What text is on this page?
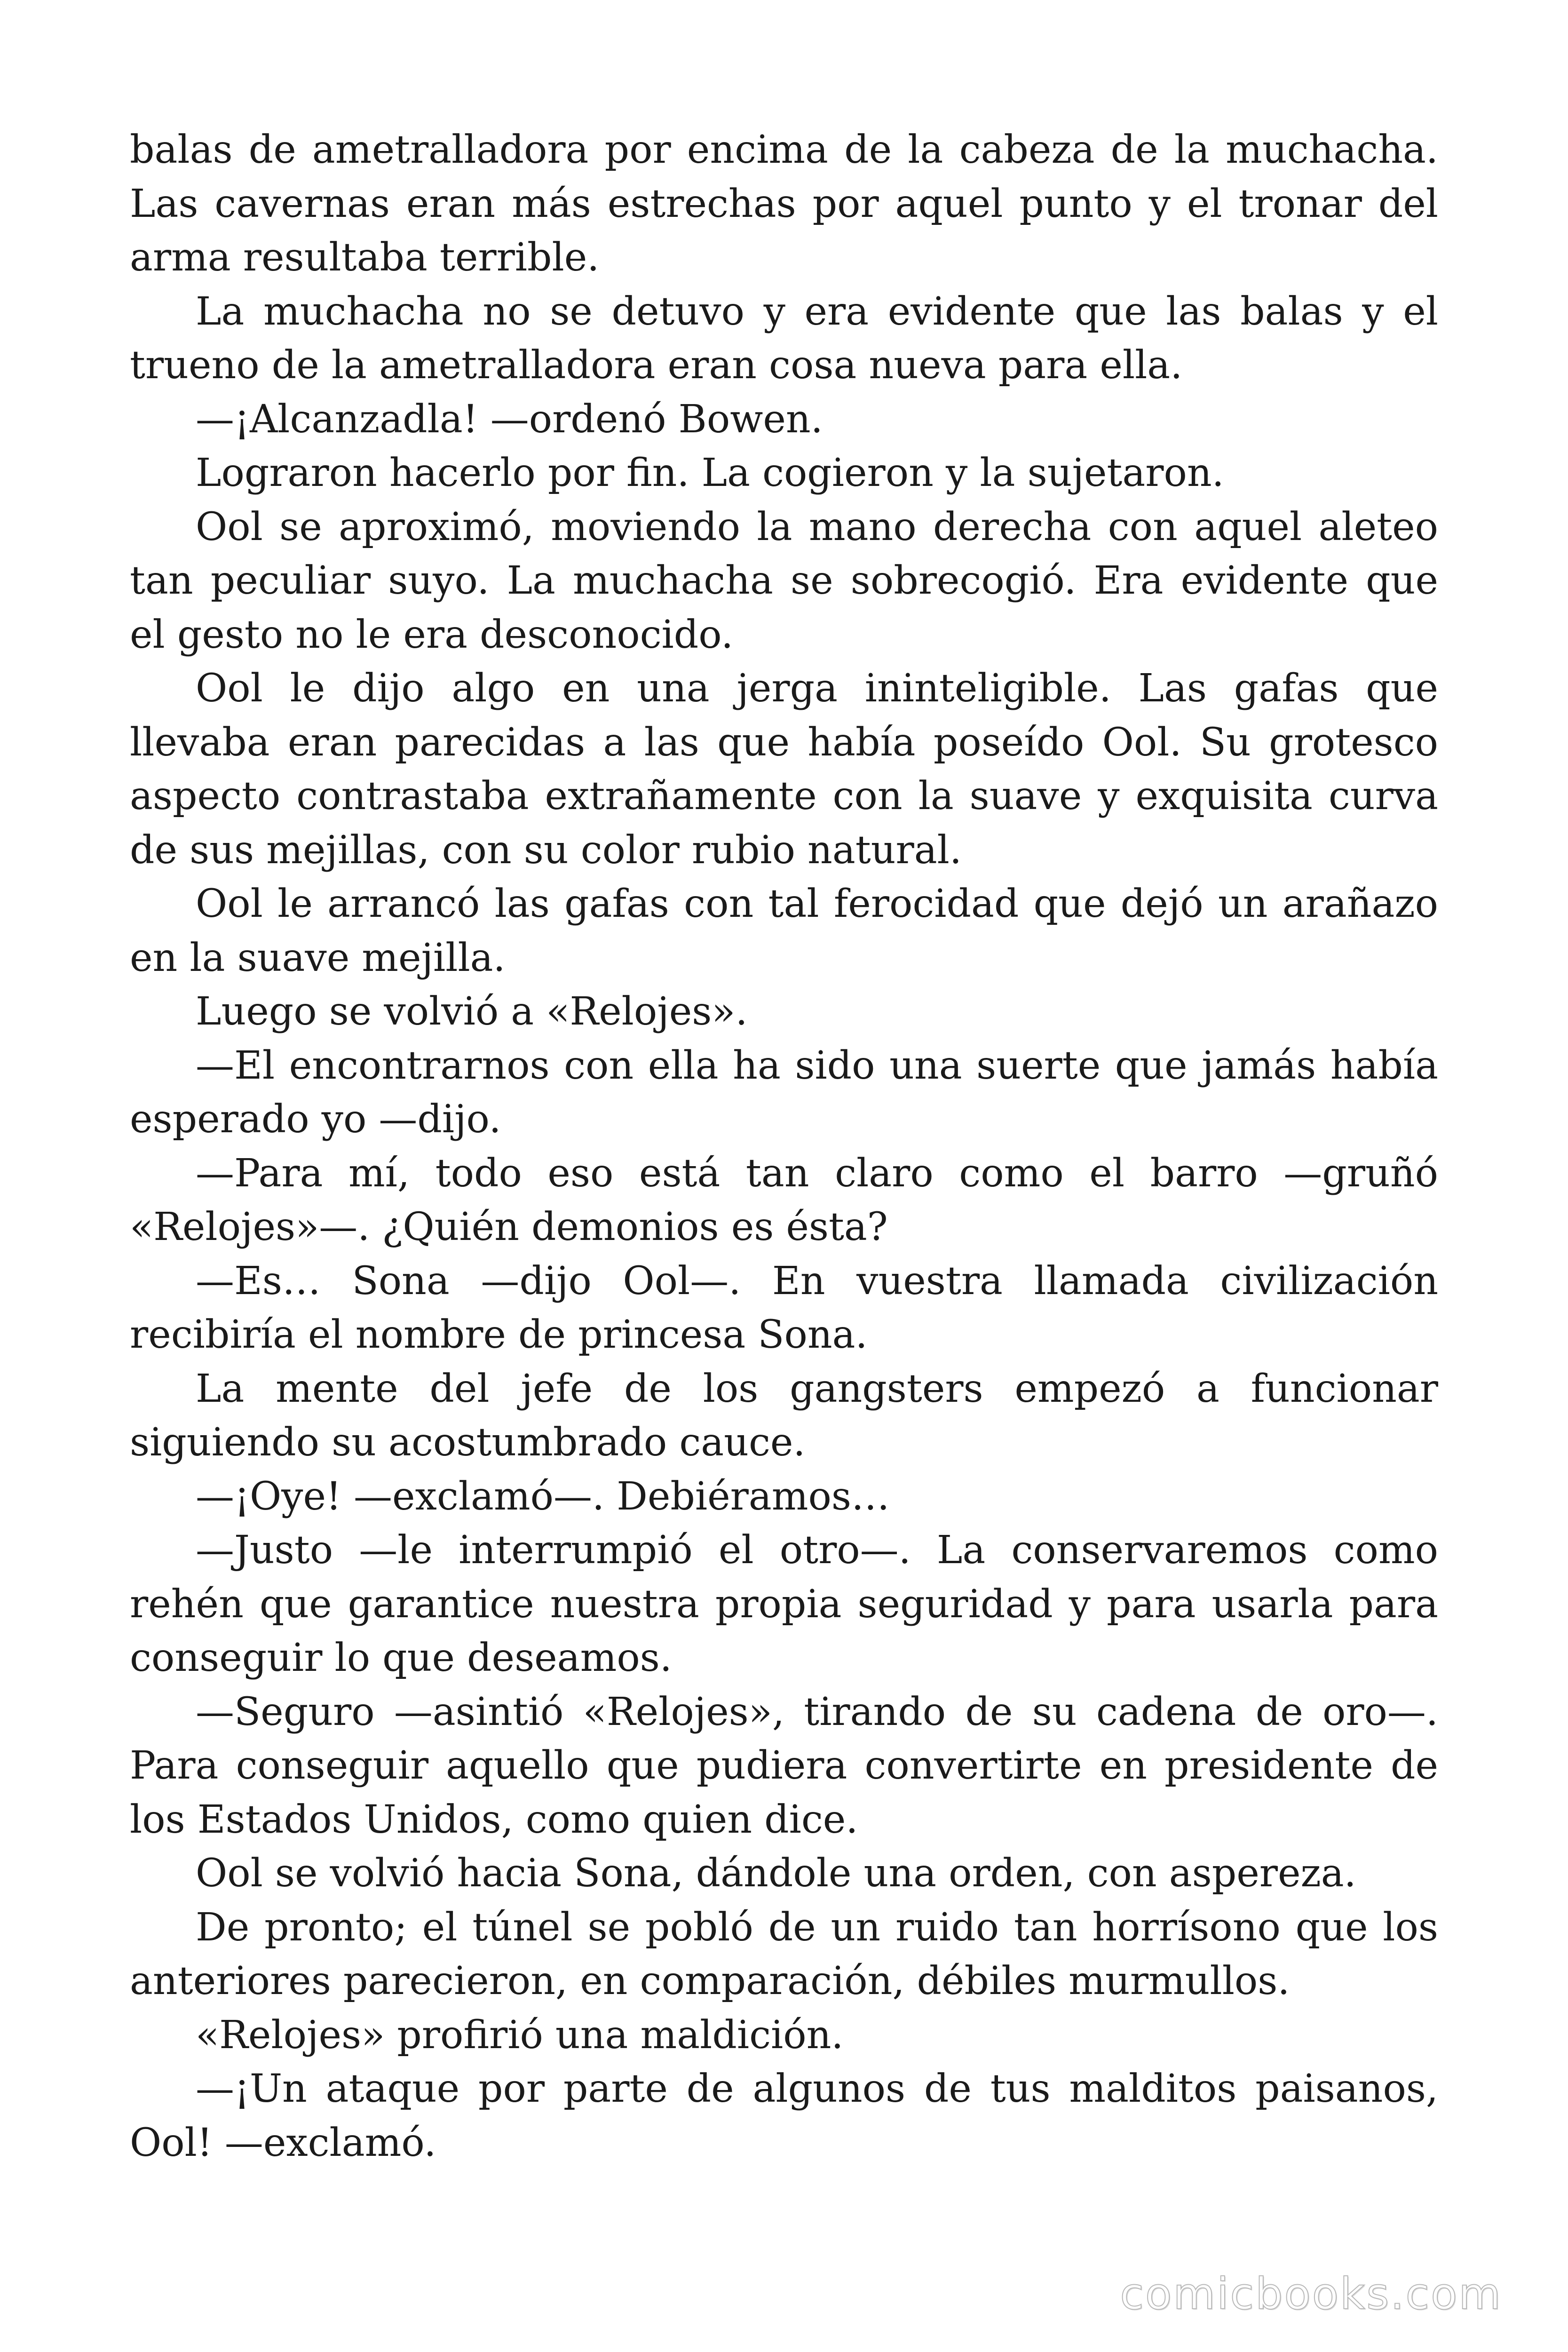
balas de ametralladora por encima de la cabeza de la muchacha. Las cavernas eran más estrechas por aquel punto y el tronar del arma resultaba terrible.

La muchacha no se detuvo y era evidente que las balas y el trueno de la ametralladora eran cosa nueva para ella.

—¡Alcanzadla! —ordenó Bowen.

Lograron hacerlo por fin. La cogieron y la sujetaron.

Ool se aproximó, moviendo la mano derecha con aquel aleteo tan peculiar suyo. La muchacha se sobrecogió. Era evidente que el gesto no le era desconocido.

Ool le dijo algo en una jerga ininteligible. Las gafas que llevaba eran parecidas a las que había poseído Ool. Su grotesco aspecto contrastaba extrañamente con la suave y exquisita curva de sus mejillas, con su color rubio natural.

Ool le arrancó las gafas con tal ferocidad que dejó un arañazo en la suave mejilla.

Luego se volvió a «Relojes».

—El encontrarnos con ella ha sido una suerte que jamás había esperado yo —dijo.

—Para mí, todo eso está tan claro como el barro —gruñó «Relojes»—. ¿Quién demonios es ésta?

—Es… Sona —dijo Ool—. En vuestra llamada civilización recibiría el nombre de princesa Sona.

La mente del jefe de los gangsters empezó a funcionar siguiendo su acostumbrado cauce.

—¡Oye! —exclamó—. Debiéramos…

—Justo —le interrumpió el otro—. La conservaremos como rehén que garantice nuestra propia seguridad y para usarla para conseguir lo que deseamos.

—Seguro —asintió «Relojes», tirando de su cadena de oro—. Para conseguir aquello que pudiera convertirte en presidente de los Estados Unidos, como quien dice.

Ool se volvió hacia Sona, dándole una orden, con aspereza.

De pronto; el túnel se pobló de un ruido tan horrísono que los anteriores parecieron, en comparación, débiles murmullos.

«Relojes» profirió una maldición.

—¡Un ataque por parte de algunos de tus malditos paisanos, Ool! —exclamó.

comicbooks.com
